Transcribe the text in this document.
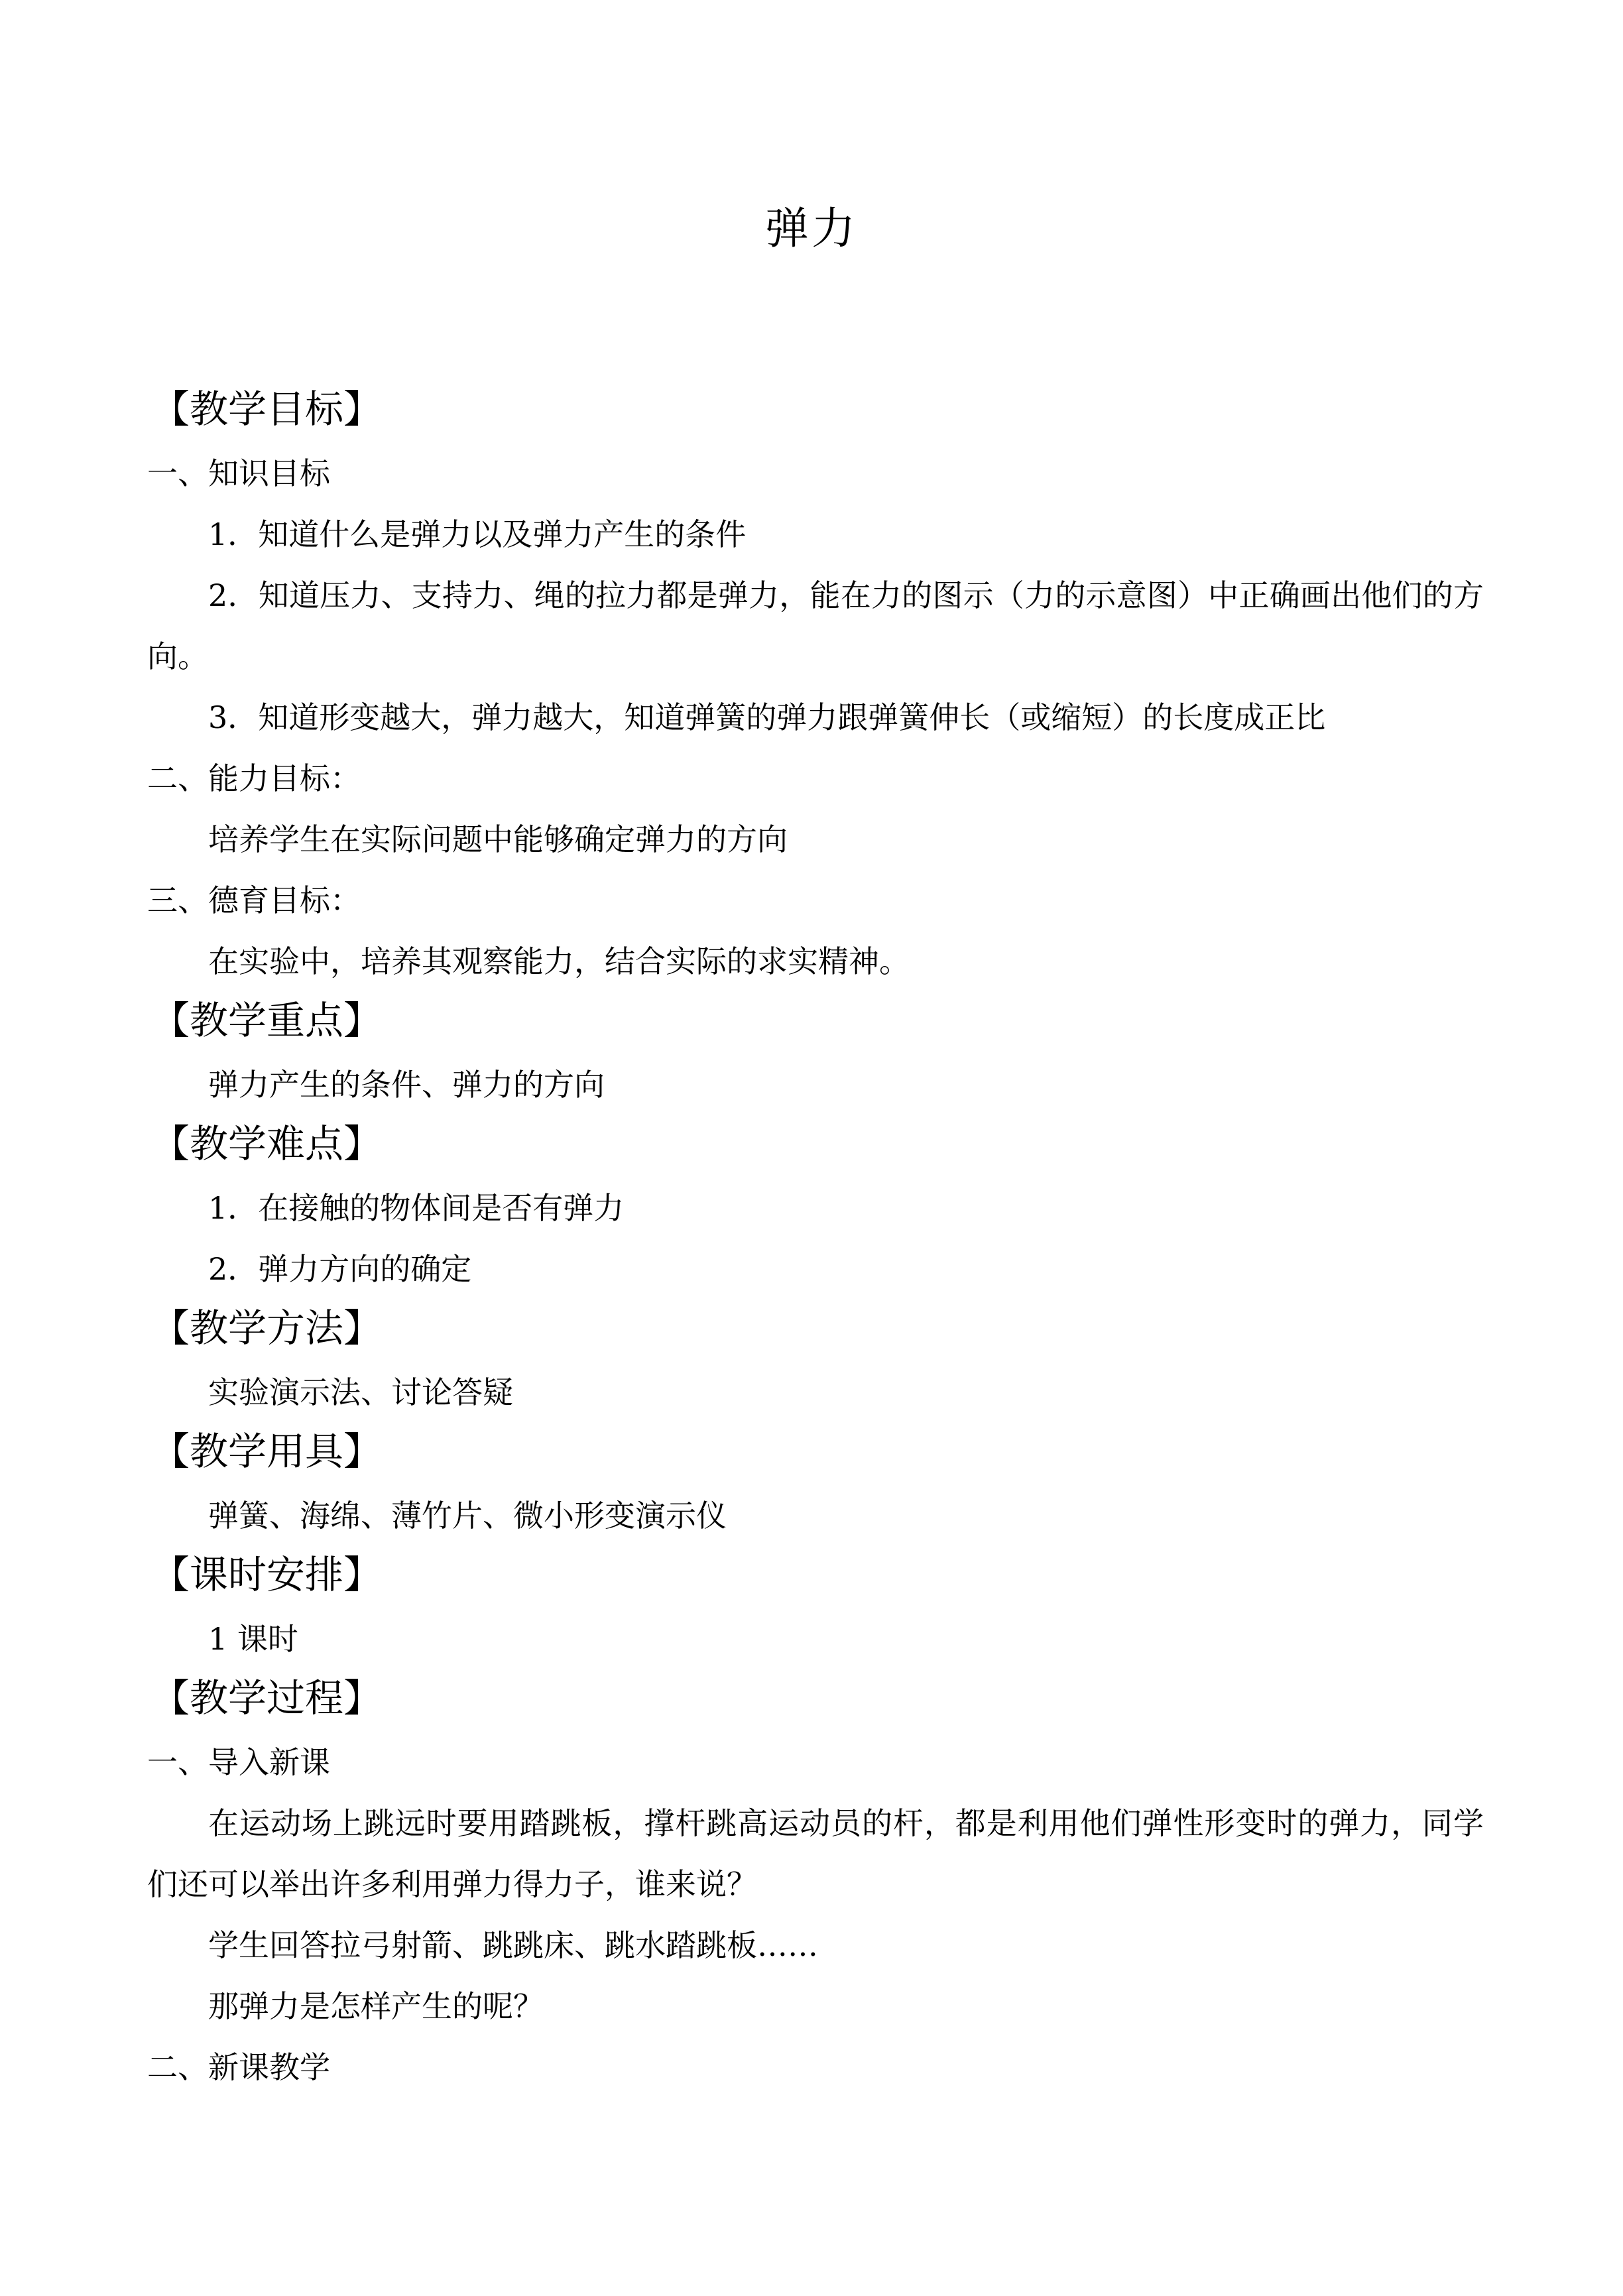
弹力
【教学目标】
一、知识目标
1．知道什么是弹力以及弹力产生的条件
2．知道压力、支持力、绳的拉力都是弹力，能在力的图示（力的示意图）中正确画出他们的方向。
3．知道形变越大，弹力越大，知道弹簧的弹力跟弹簧伸长（或缩短）的长度成正比
二、能力目标：
培养学生在实际问题中能够确定弹力的方向
三、德育目标：
在实验中，培养其观察能力，结合实际的求实精神。
【教学重点】
弹力产生的条件、弹力的方向
【教学难点】
1．在接触的物体间是否有弹力
2．弹力方向的确定
【教学方法】
实验演示法、讨论答疑
【教学用具】
弹簧、海绵、薄竹片、微小形变演示仪
【课时安排】
1 课时
【教学过程】
一、导入新课
在运动场上跳远时要用踏跳板，撑杆跳高运动员的杆，都是利用他们弹性形变时的弹力，同学们还可以举出许多利用弹力得力子，谁来说？
学生回答拉弓射箭、跳跳床、跳水踏跳板……
那弹力是怎样产生的呢？
二、新课教学
